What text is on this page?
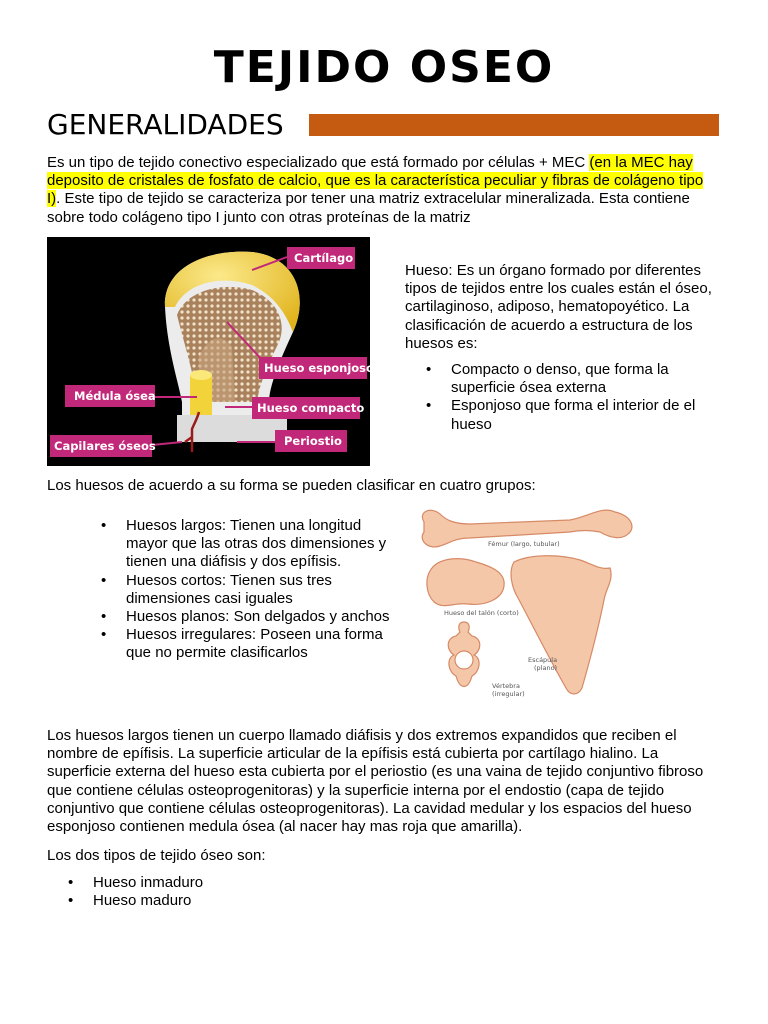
TEJIDO OSEO
GENERALIDADES
Es un tipo de tejido conectivo especializado que está formado por células + MEC (en la MEC hay deposito de cristales de fosfato de calcio, que es la característica peculiar y fibras de colágeno tipo I). Este tipo de tejido se caracteriza por tener una matriz extracelular mineralizada. Esta contiene sobre todo colágeno tipo I junto con otras proteínas de la matriz
Cartílago
Hueso esponjoso
Médula ósea
Hueso compacto
Periostio
Capilares óseos
Hueso: Es un órgano formado por diferentes tipos de tejidos entre los cuales están el óseo, cartilaginoso, adiposo, hematopoyético. La clasificación de acuerdo a estructura de los huesos es:
• Compacto o denso, que forma la superficie ósea externa
• Esponjoso que forma el interior de el hueso
Los huesos de acuerdo a su forma se pueden clasificar en cuatro grupos:
• Huesos largos: Tienen una longitud mayor que las otras dos dimensiones y tienen una diáfisis y dos epífisis.
• Huesos cortos: Tienen sus tres dimensiones casi iguales
• Huesos planos: Son delgados y anchos
• Huesos irregulares: Poseen una forma que no permite clasificarlos
Fémur (largo, tubular)
Hueso del talón (corto)
Escápula
(plano)
Vértebra
(irregular)
Los huesos largos tienen un cuerpo llamado diáfisis y dos extremos expandidos que reciben el nombre de epífisis. La superficie articular de la epífisis está cubierta por cartílago hialino. La superficie externa del hueso esta cubierta por el periostio (es una vaina de tejido conjuntivo fibroso que contiene células osteoprogenitoras) y la superficie interna por el endostio (capa de tejido conjuntivo que contiene células osteoprogenitoras). La cavidad medular y los espacios del hueso esponjoso contienen medula ósea (al nacer hay mas roja que amarilla).
Los dos tipos de tejido óseo son:
• Hueso inmaduro
• Hueso maduro
